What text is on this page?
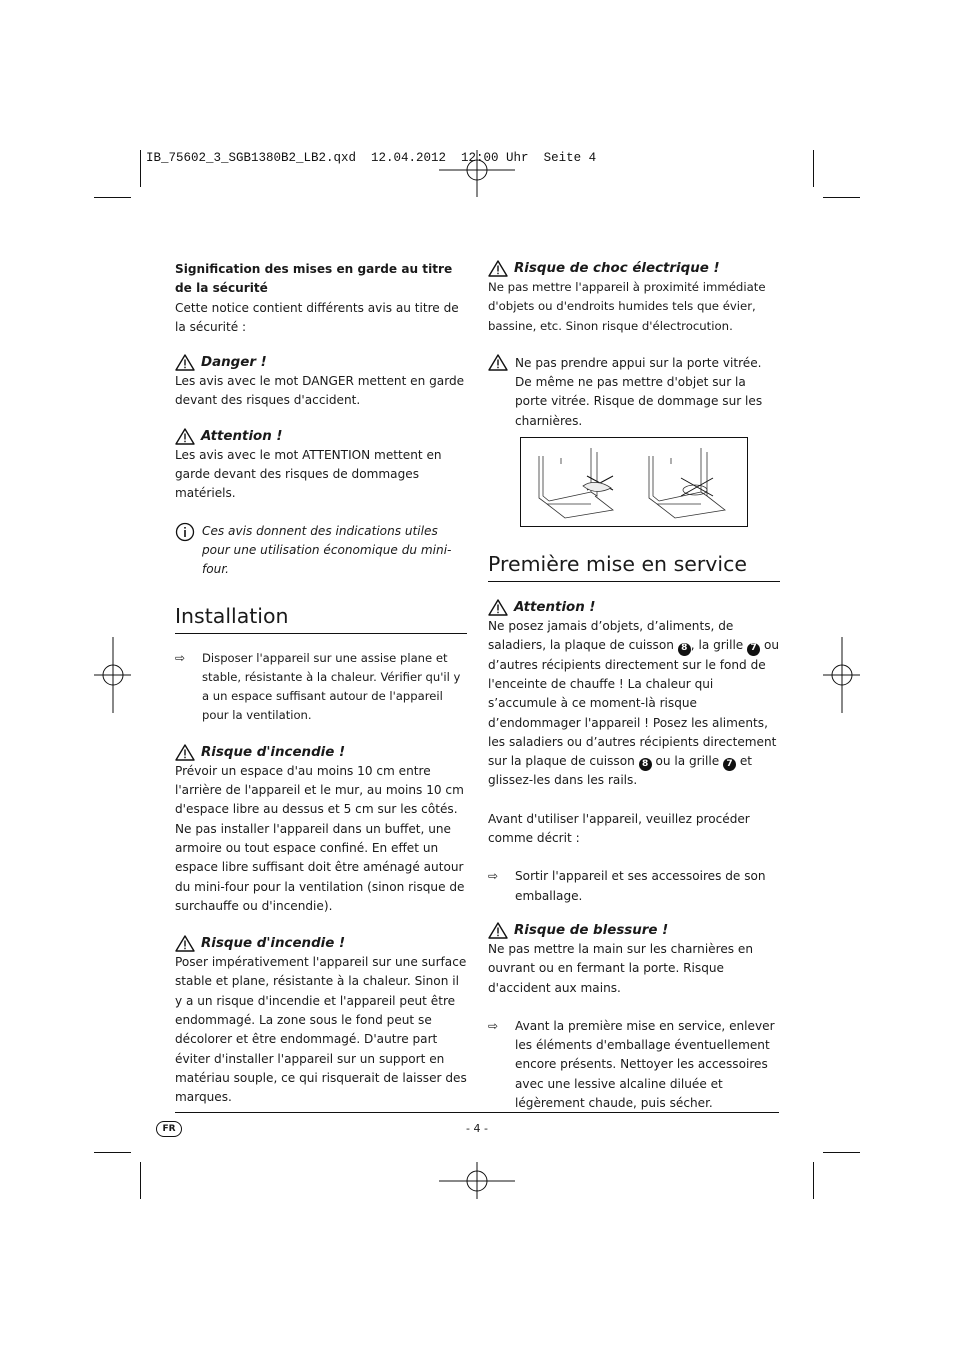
IB_75602_3_SGB1380B2_LB2.qxd  12.04.2012  12:00 Uhr  Seite 4

Signification des mises en garde au titre de la sécurité

Cette notice contient différents avis au titre de la sécurité :

Danger !

Les avis avec le mot DANGER mettent en garde devant des risques d'accident.

Attention !

Les avis avec le mot ATTENTION mettent en garde devant des risques de dommages matériels.

Ces avis donnent des indications utiles pour une utilisation économique du mini-four.

Installation
⇨	Disposer l'appareil sur une assise plane et stable, résistante à la chaleur. Vérifier qu'il y a un espace suffisant autour de l'appareil pour la ventilation.

Risque d'incendie !

Prévoir un espace d'au moins 10 cm entre l'arrière de l'appareil et le mur, au moins 10 cm d'espace libre au dessus et 5 cm sur les côtés. Ne pas installer l'appareil dans un buffet, une armoire ou tout espace confiné. En effet un espace libre suffisant doit être aménagé autour du mini-four pour la ventilation (sinon risque de surchauffe ou d'incendie).

Risque d'incendie !

Poser impérativement l'appareil sur une surface stable et plane, résistante à la chaleur. Sinon il y a un risque d'incendie et l'appareil peut être endommagé. La zone sous le fond peut se décolorer et être endommagé. D'autre part éviter d'installer l'appareil sur un support en matériau souple, ce qui risquerait de laisser des marques.

Risque de choc électrique !

Ne pas mettre l'appareil à proximité immédiate d'objets ou d'endroits humides tels que évier, bassine, etc. Sinon risque d'électrocution.

Ne pas prendre appui sur la porte vitrée. De même ne pas mettre d'objet sur la porte vitrée. Risque de dommage sur les charnières.

Première mise en service
Attention !

Ne posez jamais d’objets, d’aliments, de saladiers, la plaque de cuisson 8 , la grille 7 ou d’autres récipients directement sur le fond de l'enceinte de chauffe ! La chaleur qui s’accumule à ce moment-là risque d’endommager l'appareil ! Posez les aliments, les saladiers ou d’autres récipients directement sur la plaque de cuisson 8 ou la grille 7 et glissez-les dans les rails.

Avant d'utiliser l'appareil, veuillez procéder comme décrit :

⇨	Sortir l'appareil et ses accessoires de son emballage.

Risque de blessure !

Ne pas mettre la main sur les charnières en ouvrant ou en fermant la porte. Risque d'accident aux mains.

⇨	Avant la première mise en service, enlever les éléments d'emballage éventuellement encore présents. Nettoyer les accessoires avec une lessive alcaline diluée et légèrement chaude, puis sécher.

FR	- 4 -
